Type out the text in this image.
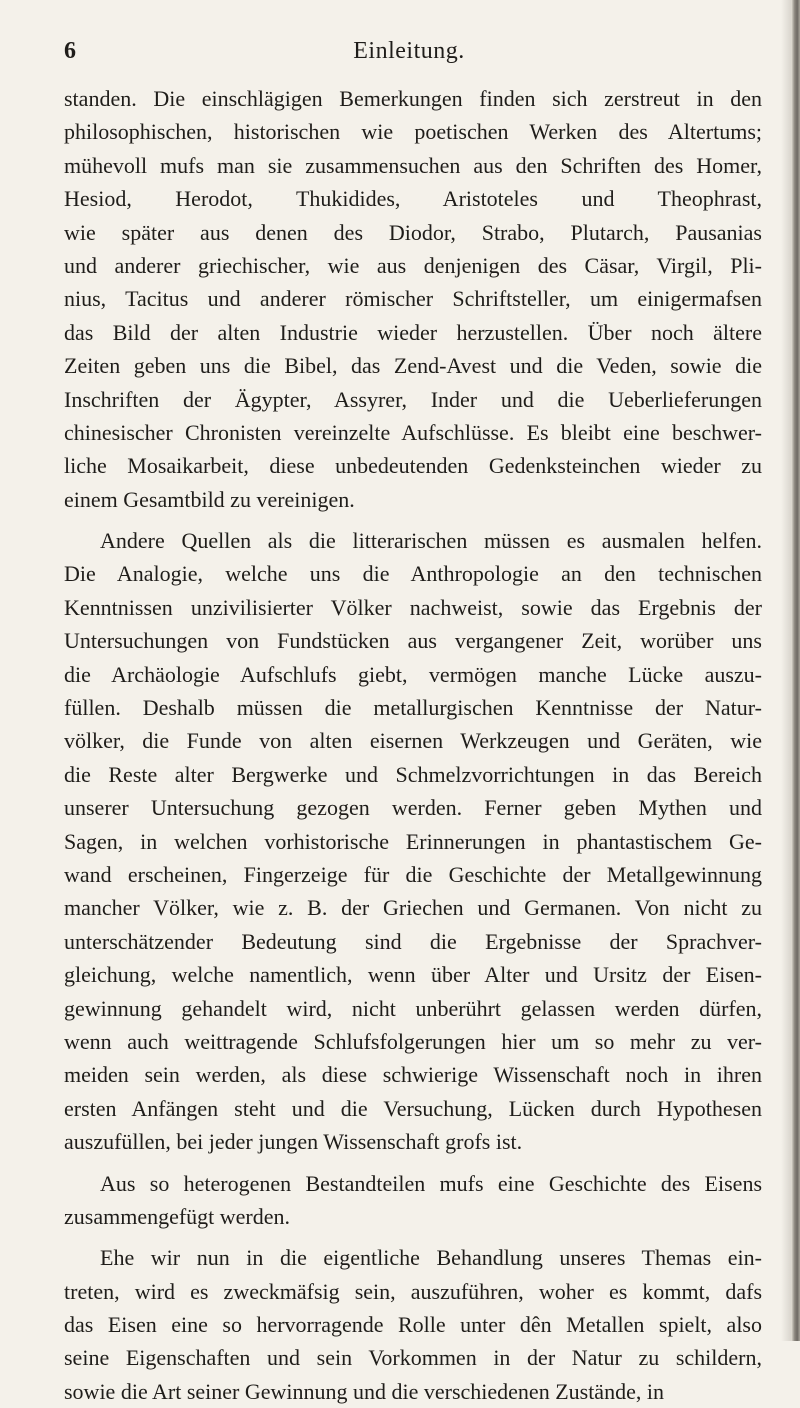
6	Einleitung.
standen. Die einschlägigen Bemerkungen finden sich zerstreut in den
philosophischen, historischen wie poetischen Werken des Altertums;
mühevoll mufs man sie zusammensuchen aus den Schriften des Homer,
Hesiod, Herodot, Thukidides, Aristoteles und Theophrast,
wie später aus denen des Diodor, Strabo, Plutarch, Pausanias
und anderer griechischer, wie aus denjenigen des Cäsar, Virgil, Pli-
nius, Tacitus und anderer römischer Schriftsteller, um einigermafsen
das Bild der alten Industrie wieder herzustellen. Über noch ältere
Zeiten geben uns die Bibel, das Zend-Avest und die Veden, sowie die
Inschriften der Ägypter, Assyrer, Inder und die Ueberlieferungen
chinesischer Chronisten vereinzelte Aufschlüsse. Es bleibt eine beschwer-
liche Mosaikarbeit, diese unbedeutenden Gedenksteinchen wieder zu
einem Gesamtbild zu vereinigen.
Andere Quellen als die litterarischen müssen es ausmalen helfen.
Die Analogie, welche uns die Anthropologie an den technischen
Kenntnissen unzivilisierter Völker nachweist, sowie das Ergebnis der
Untersuchungen von Fundstücken aus vergangener Zeit, worüber uns
die Archäologie Aufschlufs giebt, vermögen manche Lücke auszu-
füllen. Deshalb müssen die metallurgischen Kenntnisse der Natur-
völker, die Funde von alten eisernen Werkzeugen und Geräten, wie
die Reste alter Bergwerke und Schmelzvorrichtungen in das Bereich
unserer Untersuchung gezogen werden. Ferner geben Mythen und
Sagen, in welchen vorhistorische Erinnerungen in phantastischem Ge-
wand erscheinen, Fingerzeige für die Geschichte der Metallgewinnung
mancher Völker, wie z. B. der Griechen und Germanen. Von nicht zu
unterschätzender Bedeutung sind die Ergebnisse der Sprachver-
gleichung, welche namentlich, wenn über Alter und Ursitz der Eisen-
gewinnung gehandelt wird, nicht unberührt gelassen werden dürfen,
wenn auch weittragende Schlufsfolgerungen hier um so mehr zu ver-
meiden sein werden, als diese schwierige Wissenschaft noch in ihren
ersten Anfängen steht und die Versuchung, Lücken durch Hypothesen
auszufüllen, bei jeder jungen Wissenschaft grofs ist.
Aus so heterogenen Bestandteilen mufs eine Geschichte des Eisens
zusammengefügt werden.
Ehe wir nun in die eigentliche Behandlung unseres Themas ein-
treten, wird es zweckmäfsig sein, auszuführen, woher es kommt, dafs
das Eisen eine so hervorragende Rolle unter dên Metallen spielt, also
seine Eigenschaften und sein Vorkommen in der Natur zu schildern,
sowie die Art seiner Gewinnung und die verschiedenen Zustände, in
